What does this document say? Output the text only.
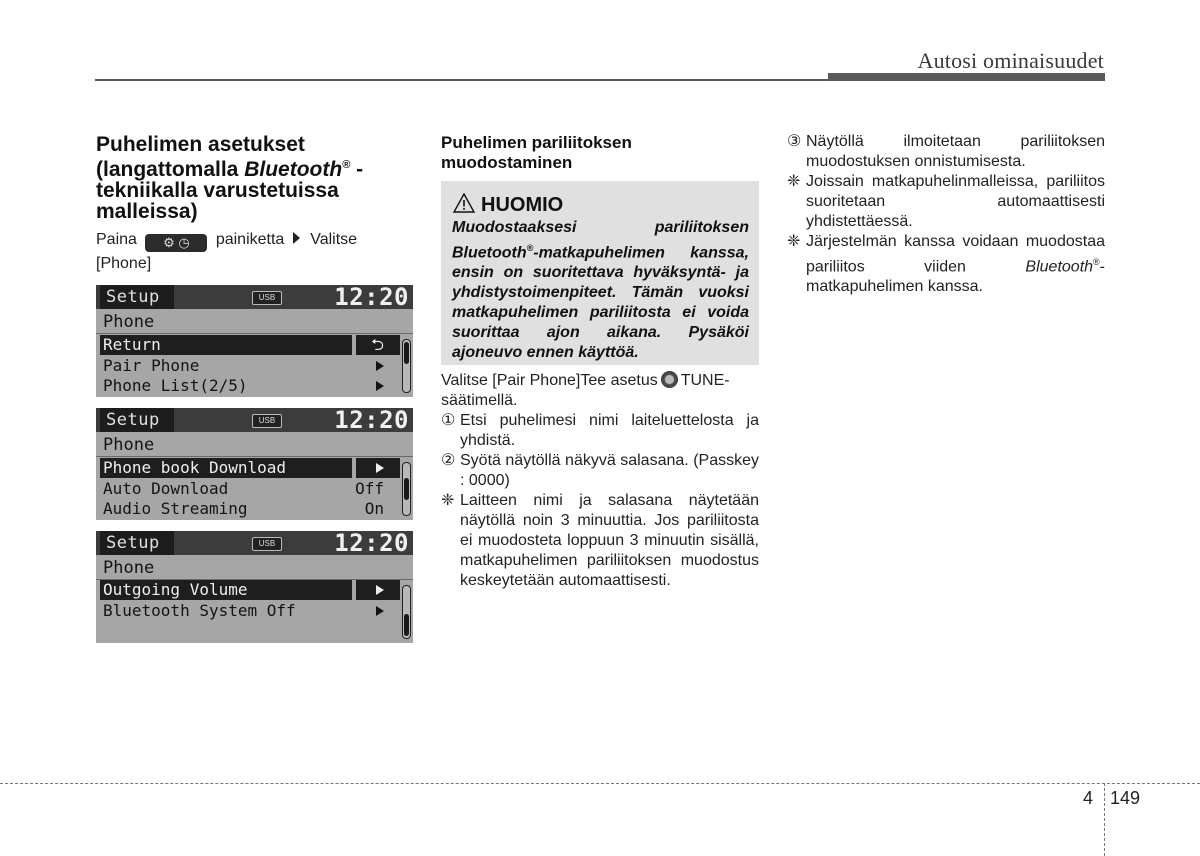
Autosi ominaisuudet
Puhelimen asetukset (langattomalla Bluetooth® - tekniikalla varustetuissa malleissa)
Paina ⚙ ◷ painiketta Valitse [Phone]
Setup	USB 12:20
Phone
Return	⮌
Pair Phone
Phone List(2/5)
Setup	USB 12:20
Phone
Phone book Download
Auto Download	Off
Audio Streaming	On
Setup	USB 12:20
Phone
Outgoing Volume
Bluetooth System Off
Puhelimen pariliitoksen muodostaminen
HUOMIO
Muodostaaksesi pariliitoksen Bluetooth®-matkapuhelimen kanssa, ensin on suoritettava hyväksyntä- ja yhdistystoimenpiteet. Tämän vuoksi matkapuhelimen pariliitosta ei voida suorittaa ajon aikana. Pysäköi ajoneuvo ennen käyttöä.

Valitse [Pair Phone]Tee asetus TUNE-säätimellä.

① Etsi puhelimesi nimi laiteluettelosta ja yhdistä.
② Syötä näytöllä näkyvä salasana. (Passkey : 0000)
❈ Laitteen nimi ja salasana näytetään näytöllä noin 3 minuuttia. Jos pariliitosta ei muodosteta loppuun 3 minuutin sisällä, matkapuhelimen pariliitoksen muodostus keskeytetään automaattisesti.
③ Näytöllä ilmoitetaan pariliitoksen muodostuksen onnistumisesta.
❈ Joissain matkapuhelinmalleissa, pariliitos suoritetaan automaattisesti yhdistettäessä.
❈ Järjestelmän kanssa voidaan muodostaa pariliitos viiden Bluetooth®-matkapuhelimen kanssa.
4 149
